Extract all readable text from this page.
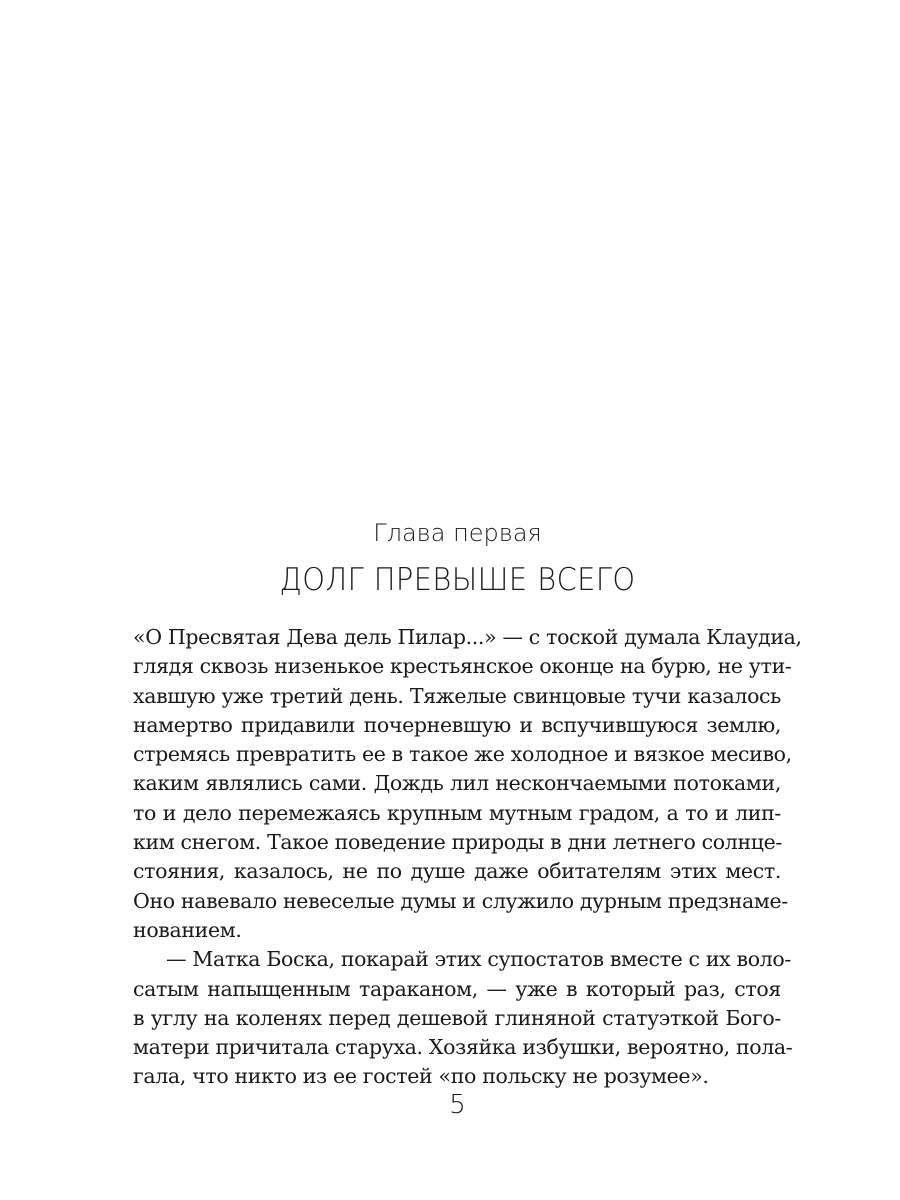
Глава первая
ДОЛГ ПРЕВЫШЕ ВСЕГО
«О Пресвятая Дева дель Пилар...» — с тоской думала Клаудиа,
глядя сквозь низенькое крестьянское оконце на бурю, не ути-
хавшую уже третий день. Тяжелые свинцовые тучи казалось
намертво придавили почерневшую и вспучившуюся землю,
стремясь превратить ее в такое же холодное и вязкое месиво,
каким являлись сами. Дождь лил нескончаемыми потоками,
то и дело перемежаясь крупным мутным градом, а то и лип-
ким снегом. Такое поведение природы в дни летнего солнце-
стояния, казалось, не по душе даже обитателям этих мест.
Оно навевало невеселые думы и служило дурным предзнаме-
нованием.
— Матка Боска, покарай этих супостатов вместе с их воло-
сатым напыщенным тараканом, — уже в который раз, стоя
в углу на коленях перед дешевой глиняной статуэткой Бого-
матери причитала старуха. Хозяйка избушки, вероятно, пола-
гала, что никто из ее гостей «по польску не розумее».
5
